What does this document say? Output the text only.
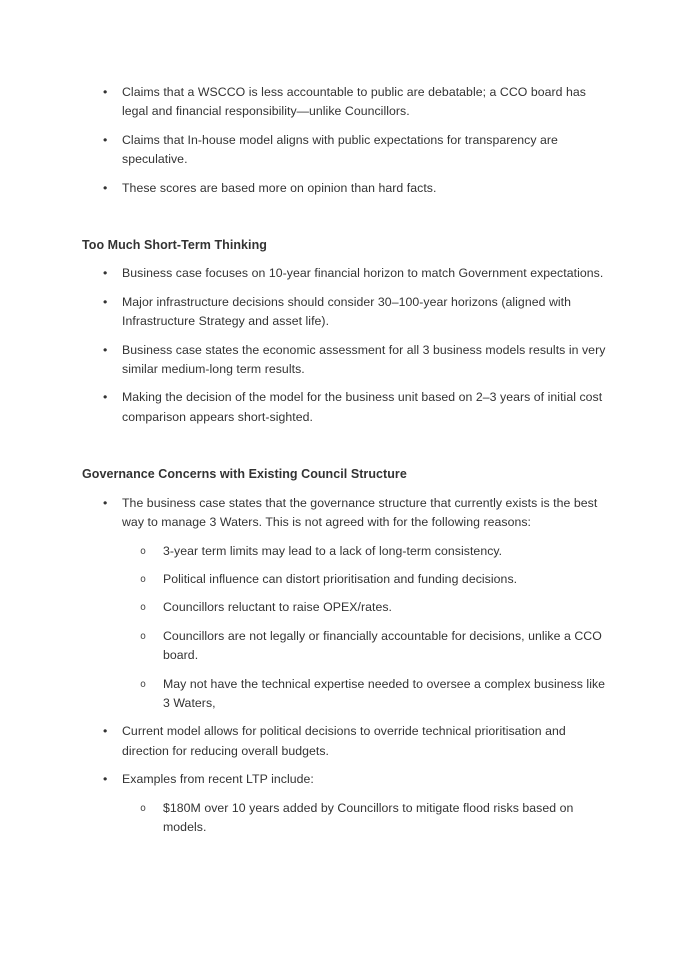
•	Claims that a WSCCO is less accountable to public are debatable; a CCO board has legal and financial responsibility—unlike Councillors.
•	Claims that In-house model aligns with public expectations for transparency are speculative.
•	These scores are based more on opinion than hard facts.
Too Much Short-Term Thinking
•	Business case focuses on 10-year financial horizon to match Government expectations.
•	Major infrastructure decisions should consider 30–100-year horizons (aligned with Infrastructure Strategy and asset life).
•	Business case states the economic assessment for all 3 business models results in very similar medium-long term results.
•	Making the decision of the model for the business unit based on 2–3 years of initial cost comparison appears short-sighted.
Governance Concerns with Existing Council Structure
•	The business case states that the governance structure that currently exists is the best way to manage 3 Waters. This is not agreed with for the following reasons:
o	3-year term limits may lead to a lack of long-term consistency.
o	Political influence can distort prioritisation and funding decisions.
o	Councillors reluctant to raise OPEX/rates.
o	Councillors are not legally or financially accountable for decisions, unlike a CCO board.
o	May not have the technical expertise needed to oversee a complex business like 3 Waters,
•	Current model allows for political decisions to override technical prioritisation and direction for reducing overall budgets.
•	Examples from recent LTP include:
o	$180M over 10 years added by Councillors to mitigate flood risks based on models.
